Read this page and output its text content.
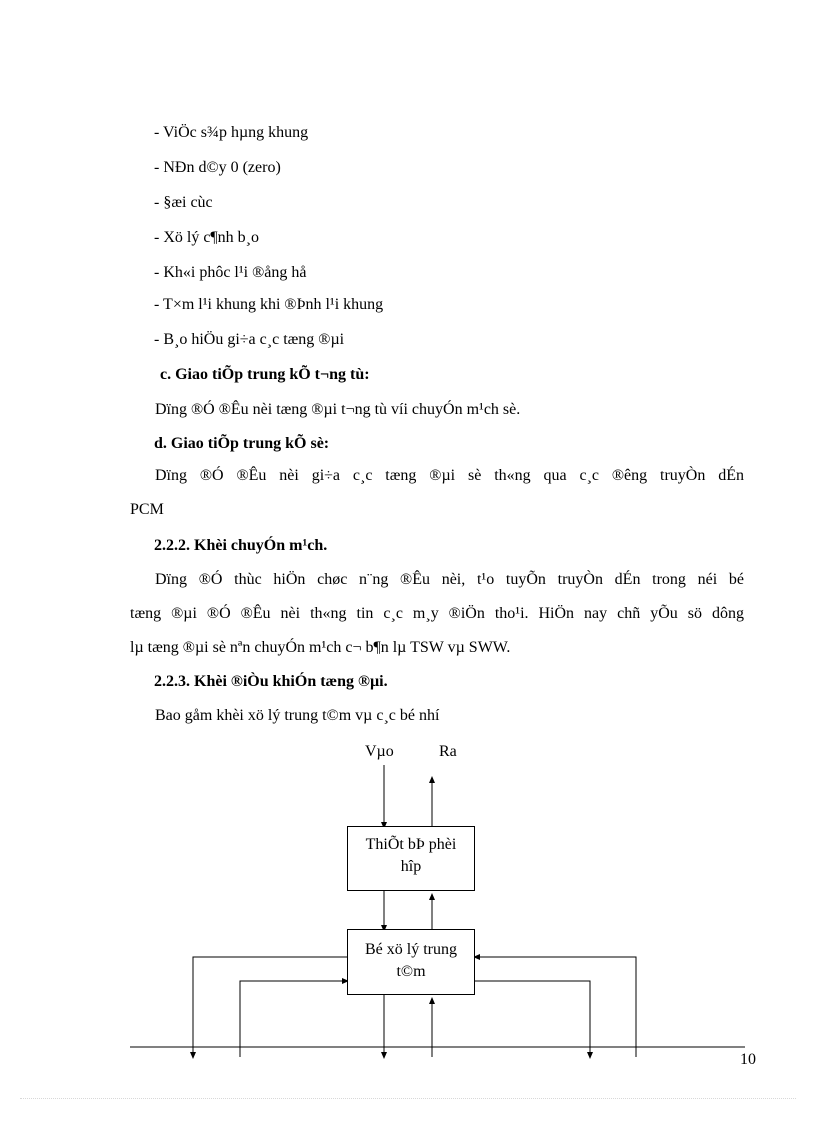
- ViÖc s¾p hµng khung
- NÐn d©y 0 (zero)
- §æi cùc
- Xö lý c¶nh b¸o
- Kh«i phôc l¹i ®ång hå
- T×m l¹i khung khi ®Þnh l¹i khung
- B¸o hiÖu gi÷a c¸c tæng ®µi
c. Giao tiÕp trung kÕ t¬ng tù:
Dïng ®Ó ®Êu nèi tæng ®µi t¬ng tù víi chuyÓn m¹ch sè.
d. Giao tiÕp trung kÕ sè:
Dïng ®Ó ®Êu nèi gi÷a c¸c tæng ®µi sè th«ng qua c¸c ®êng truyÒn dÉn
PCM
2.2.2. Khèi chuyÓn m¹ch.
Dïng ®Ó thùc hiÖn chøc n¨ng ®Êu nèi, t¹o tuyÕn truyÒn dÉn trong néi bé
tæng ®µi ®Ó ®Êu nèi th«ng tin c¸c m¸y ®iÖn tho¹i. HiÖn nay chñ yÕu sö dông
lµ tæng ®µi sè nªn chuyÓn m¹ch c¬ b¶n lµ TSW vµ SWW.
2.2.3. Khèi ®iÒu khiÓn tæng ®µi.
Bao gåm khèi xö lý trung t©m vµ c¸c bé nhí
Vµo	Ra
ThiÕt bÞ phèi
hîp
Bé xö lý trung
t©m
10
